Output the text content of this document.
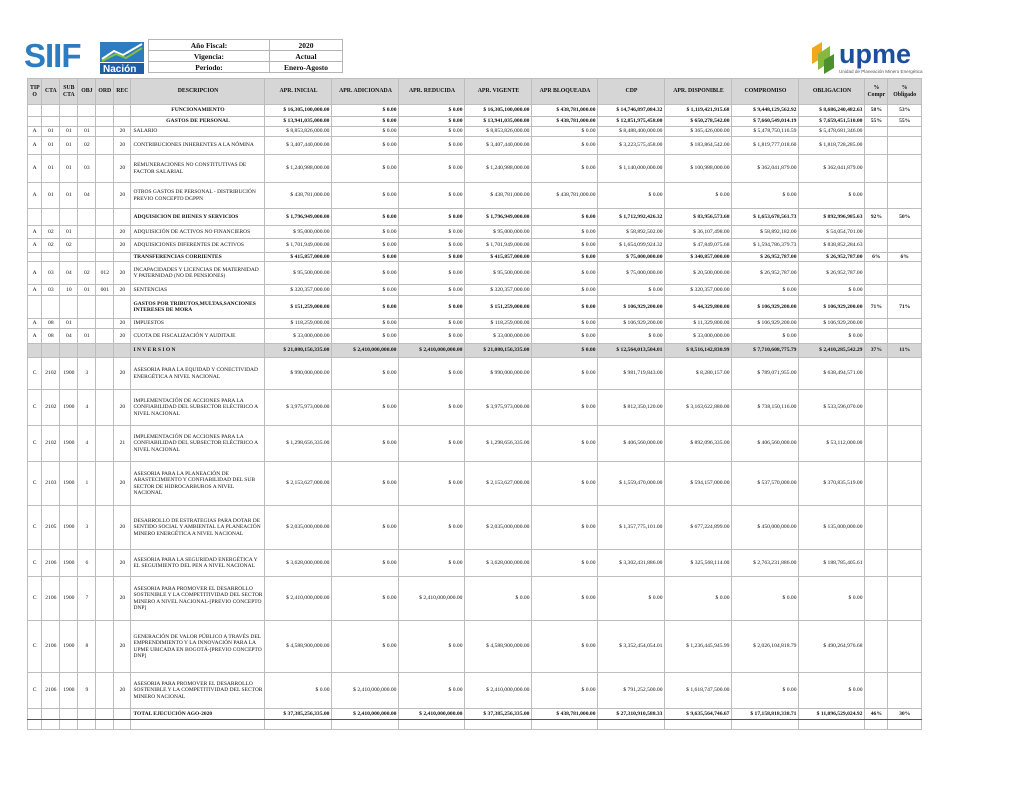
SIIF Nación
upme
Unidad de Planeación Minero Energética
Año Fiscal:	2020
Vigencia:	Actual
Periodo:	Enero-Agosto
TIP O	CTA	SUB CTA	OBJ	ORD	REC	DESCRIPCION	APR. INICIAL	APR. ADICIONADA	APR. REDUCIDA	APR. VIGENTE	APR BLOQUEADA	CDP	APR. DISPONIBLE	COMPROMISO	OBLIGACION	% Compr	% Obligado
						FUNCIONAMIENTO	$ 16,305,100,000.00	$ 0.00	$ 0.00	$ 16,305,100,000.00	$ 438,781,000.00	$ 14,746,897,084.32	$ 1,119,421,915.68	$ 9,448,129,562.92	$ 8,686,240,482.63	58%	53%
						GASTOS DE PERSONAL	$ 13,941,035,000.00	$ 0.00	$ 0.00	$ 13,941,035,000.00	$ 438,781,000.00	$ 12,851,975,458.00	$ 650,278,542.00	$ 7,660,549,014.19	$ 7,659,451,510.00	55%	55%
A	01	01	01		20	SALARIO	$ 8,853,826,000.00	$ 0.00	$ 0.00	$ 8,853,826,000.00	$ 0.00	$ 8,488,400,000.00	$ 365,426,000.00	$ 5,478,750,116.59	$ 5,478,681,346.00		
A	01	01	02		20	CONTRIBUCIONES INHERENTES A LA NÓMINA	$ 3,407,440,000.00	$ 0.00	$ 0.00	$ 3,407,440,000.00	$ 0.00	$ 3,223,575,458.00	$ 183,864,542.00	$ 1,819,777,018.60	$ 1,818,728,285.00		
A	01	01	03		20	REMUNERACIONES NO CONSTITUTIVAS DE FACTOR SALARIAL	$ 1,240,988,000.00	$ 0.00	$ 0.00	$ 1,240,988,000.00	$ 0.00	$ 1,140,000,000.00	$ 100,988,000.00	$ 362,041,879.00	$ 362,041,879.00		
A	01	01	04		20	OTROS GASTOS DE PERSONAL - DISTRIBUCIÓN PREVIO CONCEPTO DGPPN	$ 438,781,000.00	$ 0.00	$ 0.00	$ 438,781,000.00	$ 438,781,000.00	$ 0.00	$ 0.00	$ 0.00	$ 0.00		
						ADQUISICION DE BIENES Y SERVICIOS	$ 1,796,949,000.00	$ 0.00	$ 0.00	$ 1,796,949,000.00	$ 0.00	$ 1,712,992,426.32	$ 83,956,573.68	$ 1,653,678,561.73	$ 892,996,985.63	92%	50%
A	02	01			20	ADQUISICIÓN DE ACTIVOS NO FINANCIEROS	$ 95,000,000.00	$ 0.00	$ 0.00	$ 95,000,000.00	$ 0.00	$ 58,892,502.00	$ 36,107,498.00	$ 58,892,182.00	$ 54,054,701.00		
A	02	02			20	ADQUISICIONES DIFERENTES DE ACTIVOS	$ 1,701,949,000.00	$ 0.00	$ 0.00	$ 1,701,949,000.00	$ 0.00	$ 1,654,099,924.32	$ 47,849,075.68	$ 1,594,786,379.73	$ 838,852,284.63		
						TRANSFERENCIAS CORRIENTES	$ 415,857,000.00	$ 0.00	$ 0.00	$ 415,857,000.00	$ 0.00	$ 75,000,000.00	$ 340,857,000.00	$ 26,952,787.00	$ 26,952,787.00	6%	6%
A	03	04	02	012	20	INCAPACIDADES Y LICENCIAS DE MATERNIDAD Y PATERNIDAD (NO DE PENSIONES)	$ 95,500,000.00	$ 0.00	$ 0.00	$ 95,500,000.00	$ 0.00	$ 75,000,000.00	$ 20,500,000.00	$ 26,952,787.00	$ 26,952,787.00		
A	03	10	01	001	20	SENTENCIAS	$ 320,357,000.00	$ 0.00	$ 0.00	$ 320,357,000.00	$ 0.00	$ 0.00	$ 320,357,000.00	$ 0.00	$ 0.00		
						GASTOS POR TRIBUTOS,MULTAS,SANCIONES INTERESES DE MORA	$ 151,259,000.00	$ 0.00	$ 0.00	$ 151,259,000.00	$ 0.00	$ 106,929,200.00	$ 44,329,800.00	$ 106,929,200.00	$ 106,929,200.00	71%	71%
A	08	01			20	IMPUESTOS	$ 118,259,000.00	$ 0.00	$ 0.00	$ 118,259,000.00	$ 0.00	$ 106,929,200.00	$ 11,329,800.00	$ 106,929,200.00	$ 106,929,200.00		
A	08	04	01		20	CUOTA DE FISCALIZACIÓN Y AUDITAJE	$ 33,000,000.00	$ 0.00	$ 0.00	$ 33,000,000.00	$ 0.00	$ 0.00	$ 33,000,000.00	$ 0.00	$ 0.00		
						I N V E R S I O N	$ 21,080,156,335.00	$ 2,410,000,000.00	$ 2,410,000,000.00	$ 21,080,156,335.00	$ 0.00	$ 12,564,013,504.01	$ 8,516,142,830.99	$ 7,710,608,775.79	$ 2,410,285,542.29	37%	11%
C	2102	1900	3		20	ASESORIA PARA LA EQUIDAD Y CONECTIVIDAD ENERGÉTICA A NIVEL NACIONAL	$ 990,000,000.00	$ 0.00	$ 0.00	$ 990,000,000.00	$ 0.00	$ 981,719,843.00	$ 8,280,157.00	$ 789,071,955.00	$ 638,494,571.00		
C	2102	1900	4		20	IMPLEMENTACIÓN DE ACCIONES PARA LA CONFIABILIDAD DEL SUBSECTOR ELÉCTRICO A NIVEL NACIONAL	$ 3,975,973,000.00	$ 0.00	$ 0.00	$ 3,975,973,000.00	$ 0.00	$ 812,350,120.00	$ 3,163,622,880.00	$ 738,150,116.00	$ 533,596,070.00		
C	2102	1900	4		21	IMPLEMENTACIÓN DE ACCIONES PARA LA CONFIABILIDAD DEL SUBSECTOR ELÉCTRICO A NIVEL NACIONAL	$ 1,298,656,335.00	$ 0.00	$ 0.00	$ 1,298,656,335.00	$ 0.00	$ 406,560,000.00	$ 892,096,335.00	$ 406,560,000.00	$ 53,112,000.00		
C	2103	1900	1		20	ASESORIA PARA LA PLANEACIÓN DE ABASTECIMIENTO Y CONFIABILIDAD DEL SUB SECTOR DE HIDROCARBUROS A NIVEL NACIONAL	$ 2,153,627,000.00	$ 0.00	$ 0.00	$ 2,153,627,000.00	$ 0.00	$ 1,559,470,000.00	$ 594,157,000.00	$ 537,570,000.00	$ 370,835,519.00		
C	2105	1900	3		20	DESARROLLO DE ESTRATEGIAS PARA DOTAR DE SENTIDO SOCIAL Y AMBIENTAL LA PLANEACIÓN MINERO ENERGÉTICA A NIVEL NACIONAL	$ 2,035,000,000.00	$ 0.00	$ 0.00	$ 2,035,000,000.00	$ 0.00	$ 1,357,775,101.00	$ 677,224,899.00	$ 450,000,000.00	$ 135,000,000.00		
C	2106	1900	6		20	ASESORIA PARA LA SEGURIDAD ENERGÉTICA Y EL SEGUIMIENTO DEL PEN A NIVEL NACIONAL	$ 3,628,000,000.00	$ 0.00	$ 0.00	$ 3,628,000,000.00	$ 0.00	$ 3,302,431,886.00	$ 325,568,114.00	$ 2,763,231,886.00	$ 188,785,405.61		
C	2106	1900	7		20	ASESORIA PARA PROMOVER EL DESARROLLO SOSTENIBLE Y LA COMPETITIVIDAD DEL SECTOR MINERO A NIVEL NACIONAL-[PREVIO CONCEPTO DNP]	$ 2,410,000,000.00	$ 0.00	$ 2,410,000,000.00	$ 0.00	$ 0.00	$ 0.00	$ 0.00	$ 0.00	$ 0.00		
C	2106	1900	8		20	GENERACIÓN DE VALOR PÚBLICO A TRAVÉS DEL EMPRENDIMIENTO Y LA INNOVACIÓN PARA LA UPME UBICADA EN BOGOTÁ-[PREVIO CONCEPTO DNP]	$ 4,588,900,000.00	$ 0.00	$ 0.00	$ 4,588,900,000.00	$ 0.00	$ 3,352,454,054.01	$ 1,236,445,945.99	$ 2,026,104,818.79	$ 490,264,976.68		
C	2106	1900	9		20	ASESORIA PARA PROMOVER EL DESARROLLO SOSTENIBLE Y LA COMPETITIVIDAD DEL SECTOR MINERO NACIONAL	$ 0.00	$ 2,410,000,000.00	$ 0.00	$ 2,410,000,000.00	$ 0.00	$ 791,252,500.00	$ 1,618,747,500.00	$ 0.00	$ 0.00		
						TOTAL EJECUCIÓN AGO-2020	$ 37,385,256,335.00	$ 2,410,000,000.00	$ 2,410,000,000.00	$ 37,385,256,335.00	$ 438,781,000.00	$ 27,310,910,588.33	$ 9,635,564,746.67	$ 17,158,818,338.71	$ 11,096,529,024.92	46%	30%
